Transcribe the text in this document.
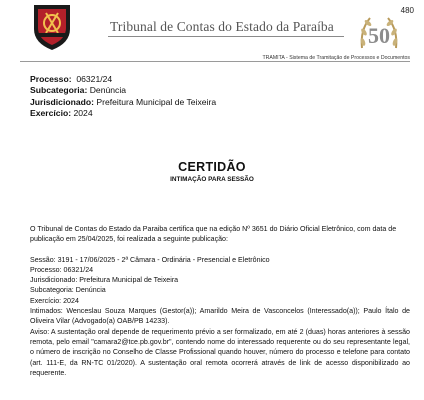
480
Tribunal de Contas do Estado da Paraíba 50
TRAMITA - Sistema de Tramitação de Processos e Documentos
Processo: 06321/24
Subcategoria: Denúncia
Jurisdicionado: Prefeitura Municipal de Teixeira
Exercício: 2024
CERTIDÃO
INTIMAÇÃO PARA SESSÃO

O Tribunal de Contas do Estado da Paraiba certifica que na edição Nº 3651 do Diário Oficial Eletrônico, com data de publicação em 25/04/2025, foi realizada a seguinte publicação:

Sessão: 3191 - 17/06/2025 - 2ª Câmara - Ordinária - Presencial e Eletrônico

Processo: 06321/24

Jurisdicionado: Prefeitura Municipal de Teixeira

Subcategoria: Denúncia

Exercício: 2024

Intimados: Wenceslau Souza Marques (Gestor(a)); Amarildo Meira de Vasconcelos (Interessado(a)); Paulo Ítalo de Oliveira Vilar (Advogado(a) OAB/PB 14233).

Aviso: A sustentação oral depende de requerimento prévio a ser formalizado, em até 2 (duas) horas anteriores à sessão remota, pelo email "camara2@tce.pb.gov.br", contendo nome do interessado requerente ou do seu representante legal, o número de inscrição no Conselho de Classe Profissional quando houver, número do processo e telefone para contato (art. 111-E, da RN-TC 01/2020). A sustentação oral remota ocorrerá através de link de acesso disponibilizado ao requerente.
